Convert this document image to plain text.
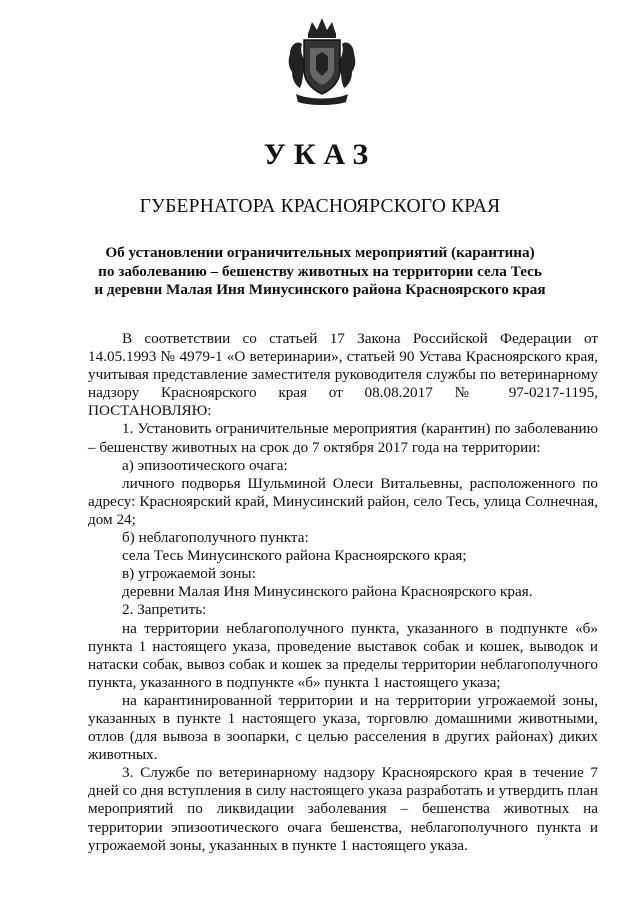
УКАЗ
ГУБЕРНАТОРА КРАСНОЯРСКОГО КРАЯ
Об установлении ограничительных мероприятий (карантина)
по заболеванию – бешенству животных на территории села Тесь
и деревни Малая Иня Минусинского района Красноярского края

В соответствии со статьей 17 Закона Российской Федерации от 14.05.1993 № 4979-1 «О ветеринарии», статьей 90 Устава Красноярского края, учитывая представление заместителя руководителя службы по ветеринарному надзору Красноярского края от 08.08.2017 № 97-0217-1195, ПОСТАНОВЛЯЮ:

1. Установить ограничительные мероприятия (карантин) по заболеванию – бешенству животных на срок до 7 октября 2017 года на территории:

а) эпизоотического очага:

личного подворья Шульминой Олеси Витальевны, расположенного по адресу: Красноярский край, Минусинский район, село Тесь, улица Солнечная, дом 24;

б) неблагополучного пункта:

села Тесь Минусинского района Красноярского края;

в) угрожаемой зоны:

деревни Малая Иня Минусинского района Красноярского края.

2. Запретить:

на территории неблагополучного пункта, указанного в подпункте «б» пункта 1 настоящего указа, проведение выставок собак и кошек, выводок и натаски собак, вывоз собак и кошек за пределы территории неблагополучного пункта, указанного в подпункте «б» пункта 1 настоящего указа;

на карантинированной территории и на территории угрожаемой зоны, указанных в пункте 1 настоящего указа, торговлю домашними животными, отлов (для вывоза в зоопарки, с целью расселения в других районах) диких животных.

3. Службе по ветеринарному надзору Красноярского края в течение 7 дней со дня вступления в силу настоящего указа разработать и утвердить план мероприятий по ликвидации заболевания – бешенства животных на территории эпизоотического очага бешенства, неблагополучного пункта и угрожаемой зоны, указанных в пункте 1 настоящего указа.
